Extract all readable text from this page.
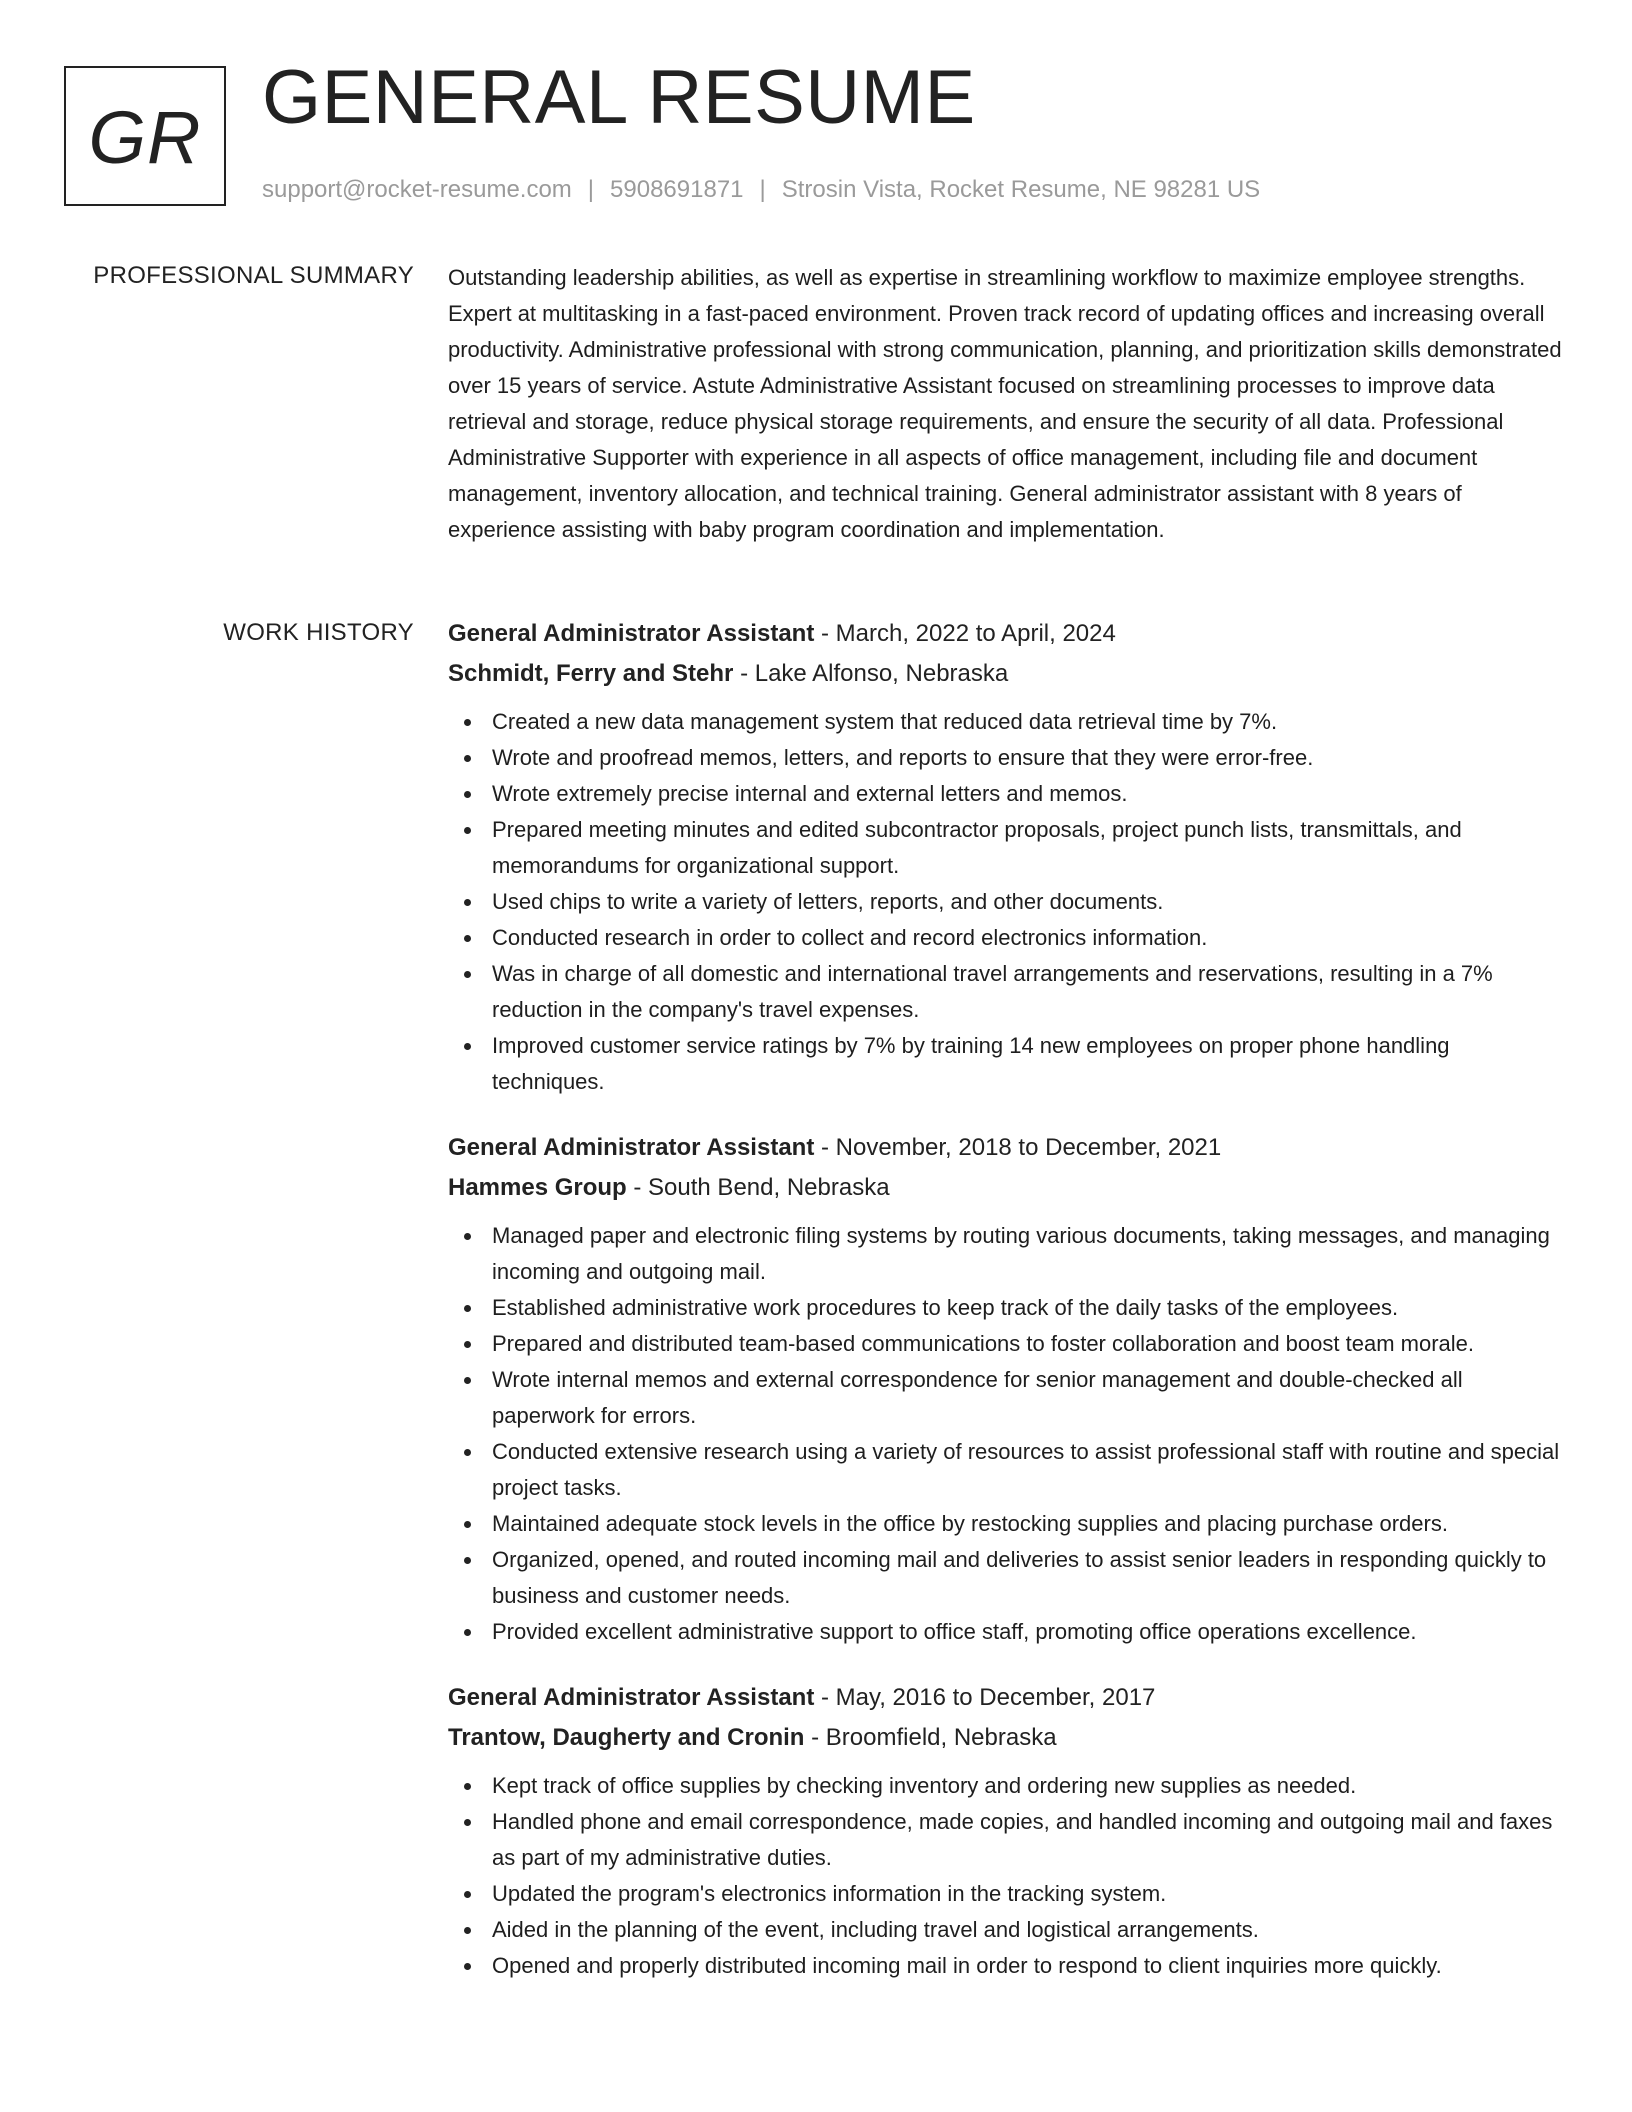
GR GENERAL RESUME
support@rocket-resume.com | 5908691871 | Strosin Vista, Rocket Resume, NE 98281 US
PROFESSIONAL SUMMARY Outstanding leadership abilities, as well as expertise in streamlining workflow to maximize employee strengths. Expert at multitasking in a fast-paced environment. Proven track record of updating offices and increasing overall productivity. Administrative professional with strong communication, planning, and prioritization skills demonstrated over 15 years of service. Astute Administrative Assistant focused on streamlining processes to improve data retrieval and storage, reduce physical storage requirements, and ensure the security of all data. Professional Administrative Supporter with experience in all aspects of office management, including file and document management, inventory allocation, and technical training. General administrator assistant with 8 years of experience assisting with baby program coordination and implementation.
WORK HISTORY General Administrator Assistant - March, 2022 to April, 2024
Schmidt, Ferry and Stehr - Lake Alfonso, Nebraska
Created a new data management system that reduced data retrieval time by 7%.
Wrote and proofread memos, letters, and reports to ensure that they were error-free.
Wrote extremely precise internal and external letters and memos.
Prepared meeting minutes and edited subcontractor proposals, project punch lists, transmittals, and memorandums for organizational support.
Used chips to write a variety of letters, reports, and other documents.
Conducted research in order to collect and record electronics information.
Was in charge of all domestic and international travel arrangements and reservations, resulting in a 7% reduction in the company's travel expenses.
Improved customer service ratings by 7% by training 14 new employees on proper phone handling techniques.
General Administrator Assistant - November, 2018 to December, 2021
Hammes Group - South Bend, Nebraska
Managed paper and electronic filing systems by routing various documents, taking messages, and managing incoming and outgoing mail.
Established administrative work procedures to keep track of the daily tasks of the employees.
Prepared and distributed team-based communications to foster collaboration and boost team morale.
Wrote internal memos and external correspondence for senior management and double-checked all paperwork for errors.
Conducted extensive research using a variety of resources to assist professional staff with routine and special project tasks.
Maintained adequate stock levels in the office by restocking supplies and placing purchase orders.
Organized, opened, and routed incoming mail and deliveries to assist senior leaders in responding quickly to business and customer needs.
Provided excellent administrative support to office staff, promoting office operations excellence.
General Administrator Assistant - May, 2016 to December, 2017
Trantow, Daugherty and Cronin - Broomfield, Nebraska
Kept track of office supplies by checking inventory and ordering new supplies as needed.
Handled phone and email correspondence, made copies, and handled incoming and outgoing mail and faxes as part of my administrative duties.
Updated the program's electronics information in the tracking system.
Aided in the planning of the event, including travel and logistical arrangements.
Opened and properly distributed incoming mail in order to respond to client inquiries more quickly.
